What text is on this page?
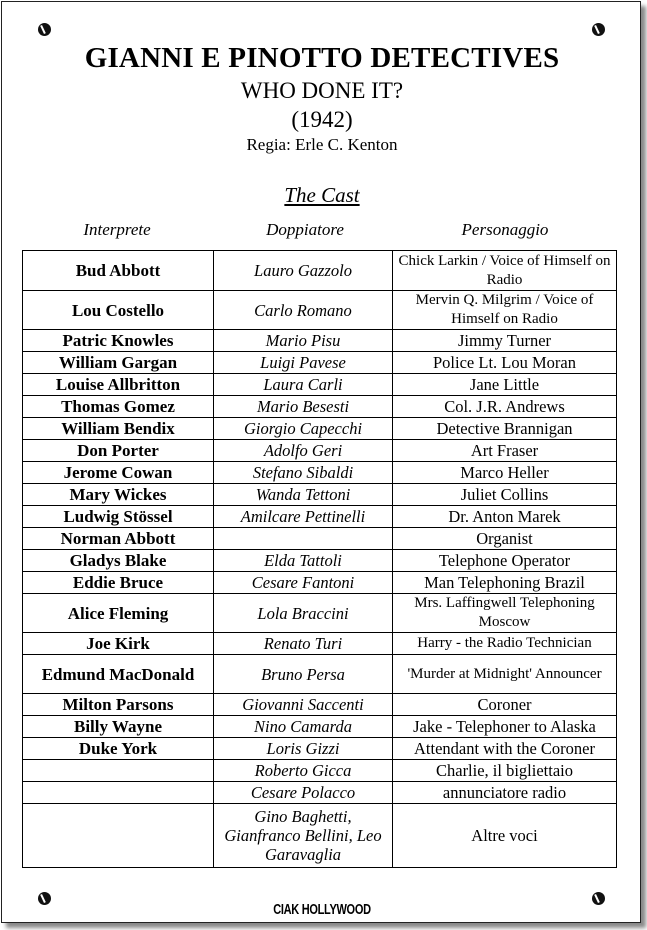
GIANNI E PINOTTO DETECTIVES
WHO DONE IT?
(1942)
Regia: Erle C. Kenton
The Cast
Interprete	Doppiatore	Personaggio
Bud Abbott	Lauro Gazzolo	Chick Larkin / Voice of Himself on Radio
Lou Costello	Carlo Romano	Mervin Q. Milgrim / Voice of Himself on Radio
Patric Knowles	Mario Pisu	Jimmy Turner
William Gargan	Luigi Pavese	Police Lt. Lou Moran
Louise Allbritton	Laura Carli	Jane Little
Thomas Gomez	Mario Besesti	Col. J.R. Andrews
William Bendix	Giorgio Capecchi	Detective Brannigan
Don Porter	Adolfo Geri	Art Fraser
Jerome Cowan	Stefano Sibaldi	Marco Heller
Mary Wickes	Wanda Tettoni	Juliet Collins
Ludwig Stössel	Amilcare Pettinelli	Dr. Anton Marek
Norman Abbott		Organist
Gladys Blake	Elda Tattoli	Telephone Operator
Eddie Bruce	Cesare Fantoni	Man Telephoning Brazil
Alice Fleming	Lola Braccini	Mrs. Laffingwell Telephoning Moscow
Joe Kirk	Renato Turi	Harry - the Radio Technician
Edmund MacDonald	Bruno Persa	'Murder at Midnight' Announcer
Milton Parsons	Giovanni Saccenti	Coroner
Billy Wayne	Nino Camarda	Jake - Telephoner to Alaska
Duke York	Loris Gizzi	Attendant with the Coroner
	Roberto Gicca	Charlie, il bigliettaio
	Cesare Polacco	annunciatore radio
	Gino Baghetti, Gianfranco Bellini, Leo Garavaglia	Altre voci
CIAK HOLLYWOOD
